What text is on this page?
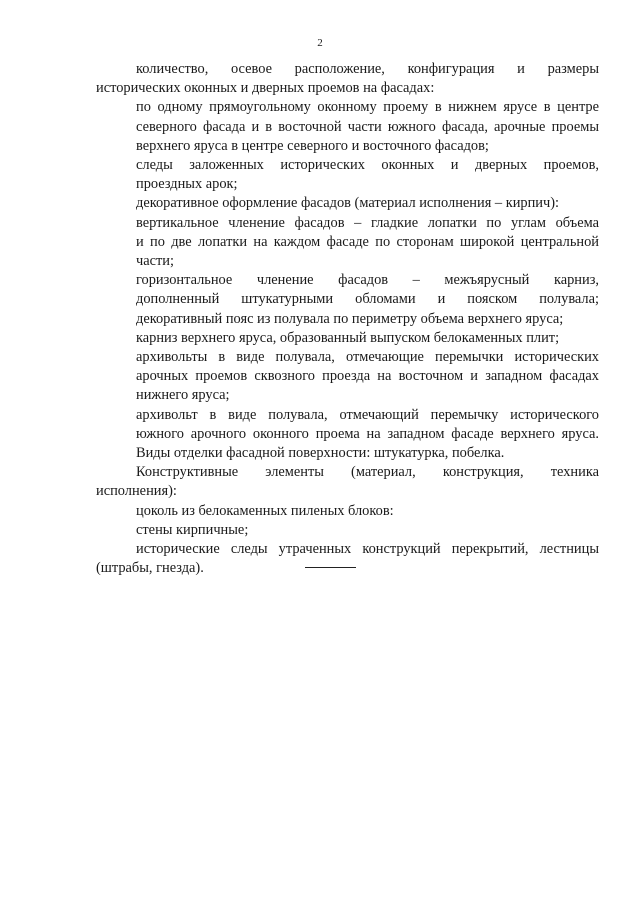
2
количество, осевое расположение, конфигурация и размеры
исторических оконных и дверных проемов на фасадах:
по одному прямоугольному оконному проему в нижнем ярусе в центре
северного фасада и в восточной части южного фасада, арочные проемы
верхнего яруса в центре северного и восточного фасадов;
следы заложенных исторических оконных и дверных проемов,
проездных арок;
декоративное оформление фасадов (материал исполнения – кирпич):
вертикальное членение фасадов – гладкие лопатки по углам объема
и по две лопатки на каждом фасаде по сторонам широкой центральной
части;
горизонтальное членение фасадов – межъярусный карниз,
дополненный штукатурными обломами и пояском полувала;
декоративный пояс из полувала по периметру объема верхнего яруса;
карниз верхнего яруса, образованный выпуском белокаменных плит;
архивольты в виде полувала, отмечающие перемычки исторических
арочных проемов сквозного проезда на восточном и западном фасадах
нижнего яруса;
архивольт в виде полувала, отмечающий перемычку исторического
южного арочного оконного проема на западном фасаде верхнего яруса.
Виды отделки фасадной поверхности: штукатурка, побелка.
Конструктивные элементы (материал, конструкция, техника
исполнения):
цоколь из белокаменных пиленых блоков:
стены кирпичные;
исторические следы утраченных конструкций перекрытий, лестницы
(штрабы, гнезда).
